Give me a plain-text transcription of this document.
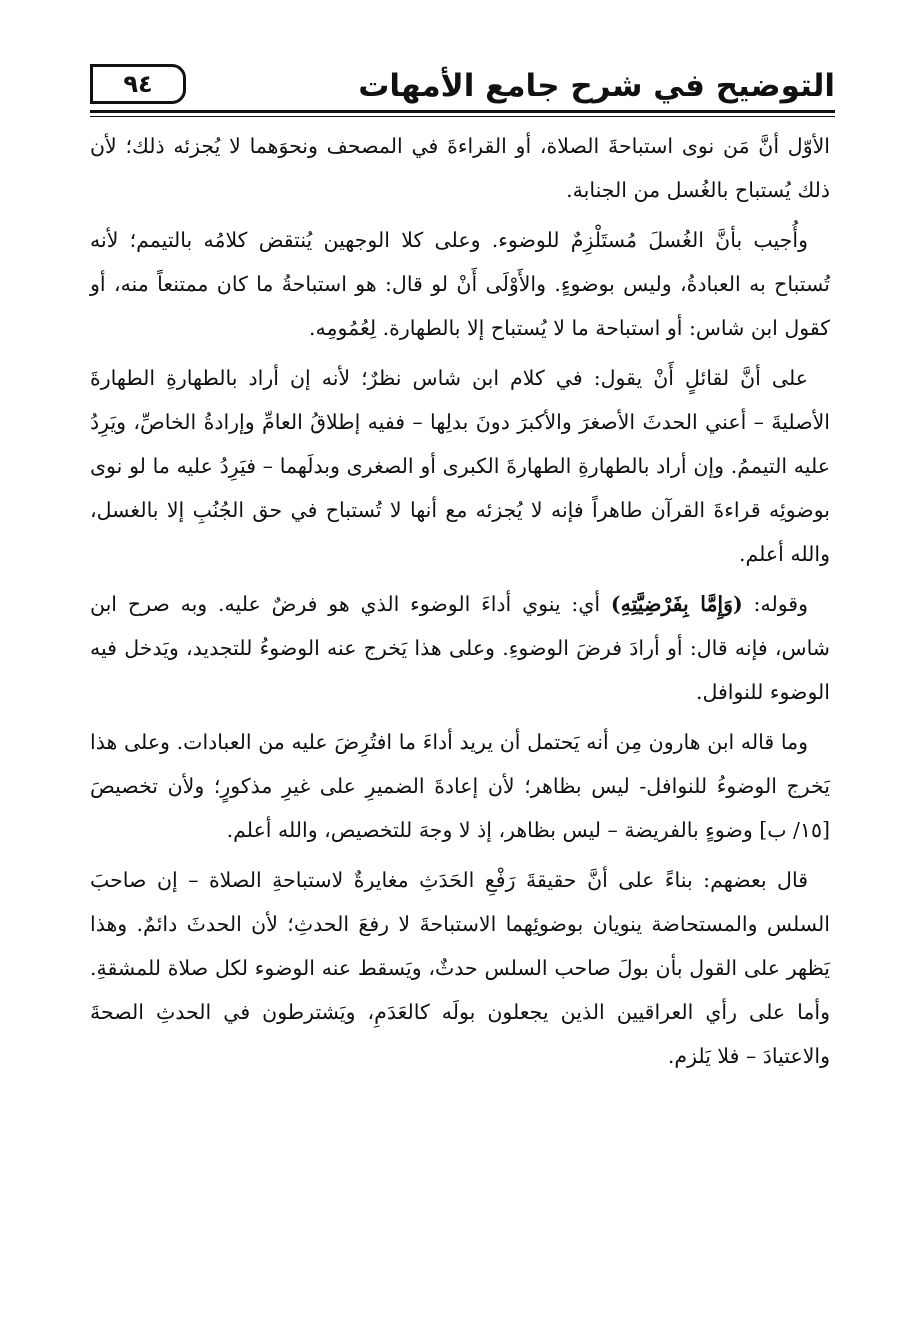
التوضيح في شرح جامع الأمهات
٩٤

الأوّل أنَّ مَن نوى استباحةَ الصلاة، أو القراءةَ في المصحف ونحوَهما لا يُجزئه ذلك؛ لأن ذلك يُستباح بالغُسل من الجنابة.

وأُجيب بأنَّ الغُسلَ مُستَلْزِمٌ للوضوء. وعلى كلا الوجهين يُنتقض كلامُه بالتيمم؛ لأنه تُستباح به العبادةُ، وليس بوضوءٍ. والأَوْلَى أَنْ لو قال: هو استباحةُ ما كان ممتنعاً منه، أو كقول ابن شاس: أو استباحة ما لا يُستباح إلا بالطهارة. لِعُمُومِه.

على أنَّ لقائلٍ أَنْ يقول: في كلام ابن شاس نظرٌ؛ لأنه إن أراد بالطهارةِ الطهارةَ الأصليةَ – أعني الحدثَ الأصغرَ والأكبرَ دونَ بدلِها – ففيه إطلاقُ العامِّ وإرادةُ الخاصِّ، ويَرِدُ عليه التيممُ. وإن أراد بالطهارةِ الطهارةَ الكبرى أو الصغرى وبدلَهما – فيَرِدُ عليه ما لو نوى بوضوئِه قراءةَ القرآن طاهراً فإنه لا يُجزئه مع أنها لا تُستباح في حق الجُنُبِ إلا بالغسل، والله أعلم.

وقوله: (وَإِمَّا بِفَرْضِيَّتِهِ) أي: ينوي أداءَ الوضوء الذي هو فرضٌ عليه. وبه صرح ابن شاس، فإنه قال: أو أرادَ فرضَ الوضوءِ. وعلى هذا يَخرج عنه الوضوءُ للتجديد، ويَدخل فيه الوضوء للنوافل.

وما قاله ابن هارون مِن أنه يَحتمل أن يريد أداءَ ما افتُرِضَ عليه من العبادات. وعلى هذا يَخرج الوضوءُ للنوافل- ليس بظاهر؛ لأن إعادةَ الضميرِ على غيرِ مذكورٍ؛ ولأن تخصيصَ [١٥/ ب] وضوءٍ بالفريضة – ليس بظاهر، إذ لا وجهَ للتخصيص، والله أعلم.

قال بعضهم: بناءً على أنَّ حقيقةَ رَفْعِ الحَدَثِ مغايرةٌ لاستباحةِ الصلاة – إن صاحبَ السلس والمستحاضة ينويان بوضوئِهما الاستباحةَ لا رفعَ الحدثِ؛ لأن الحدثَ دائمٌ. وهذا يَظهر على القول بأن بولَ صاحب السلس حدثٌ، ويَسقط عنه الوضوء لكل صلاة للمشقةِ. وأما على رأي العراقيين الذين يجعلون بولَه كالعَدَمِ، ويَشترطون في الحدثِ الصحةَ والاعتيادَ – فلا يَلزم.
